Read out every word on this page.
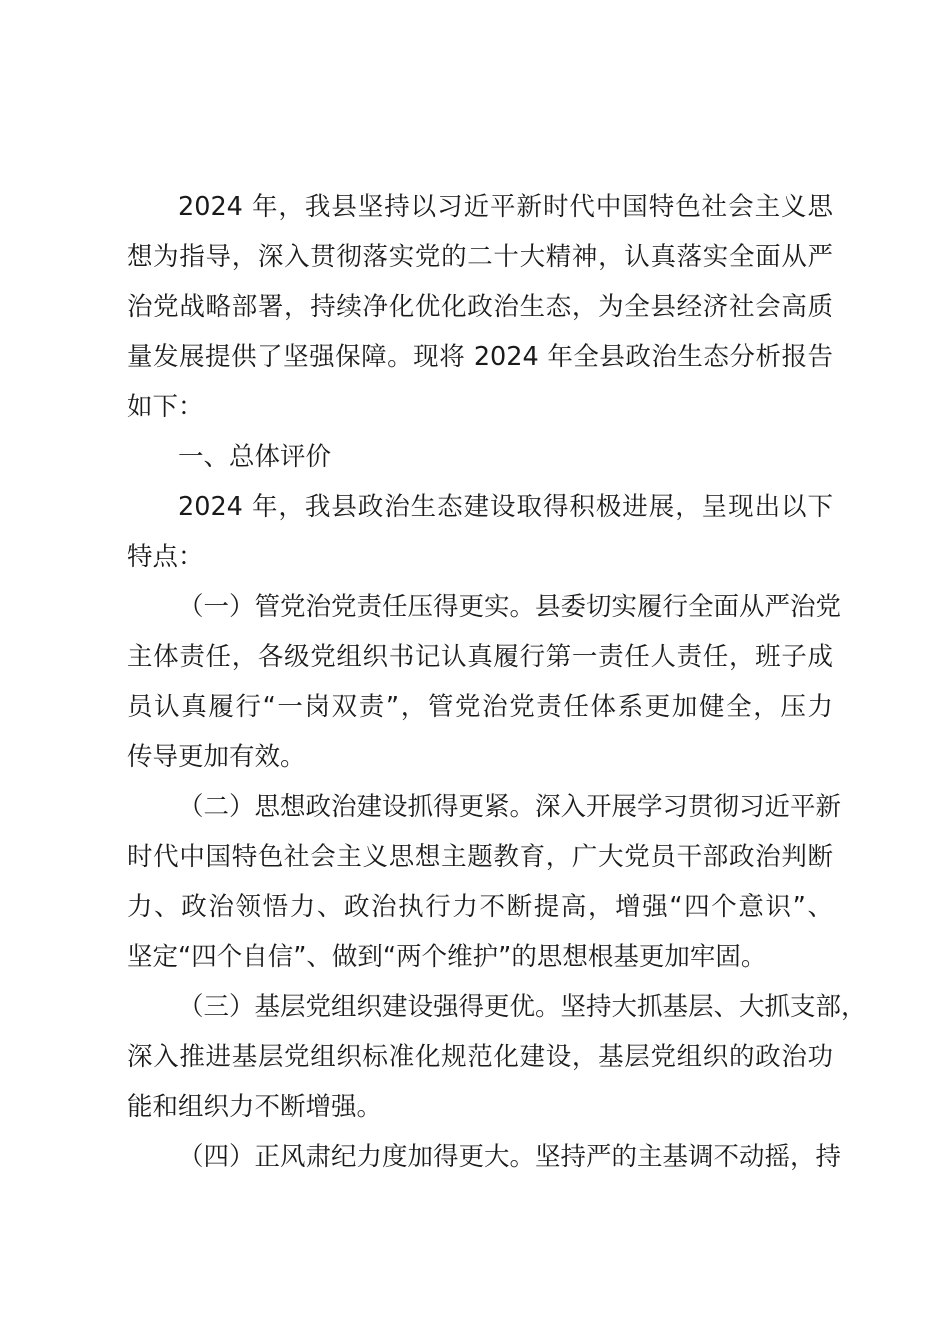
2024 年，我县坚持以习近平新时代中国特色社会主义思
想为指导，深入贯彻落实党的二十大精神，认真落实全面从严
治党战略部署，持续净化优化政治生态，为全县经济社会高质
量发展提供了坚强保障。现将 2024 年全县政治生态分析报告
如下：
一、总体评价
2024 年，我县政治生态建设取得积极进展，呈现出以下
特点：
（一）管党治党责任压得更实。县委切实履行全面从严治党
主体责任，各级党组织书记认真履行第一责任人责任，班子成
员认真履行“一岗双责”，管党治党责任体系更加健全，压力
传导更加有效。
（二）思想政治建设抓得更紧。深入开展学习贯彻习近平新
时代中国特色社会主义思想主题教育，广大党员干部政治判断
力、政治领悟力、政治执行力不断提高，增强“四个意识”、
坚定“四个自信”、做到“两个维护”的思想根基更加牢固。
（三）基层党组织建设强得更优。坚持大抓基层、大抓支部，
深入推进基层党组织标准化规范化建设，基层党组织的政治功
能和组织力不断增强。
（四）正风肃纪力度加得更大。坚持严的主基调不动摇，持
